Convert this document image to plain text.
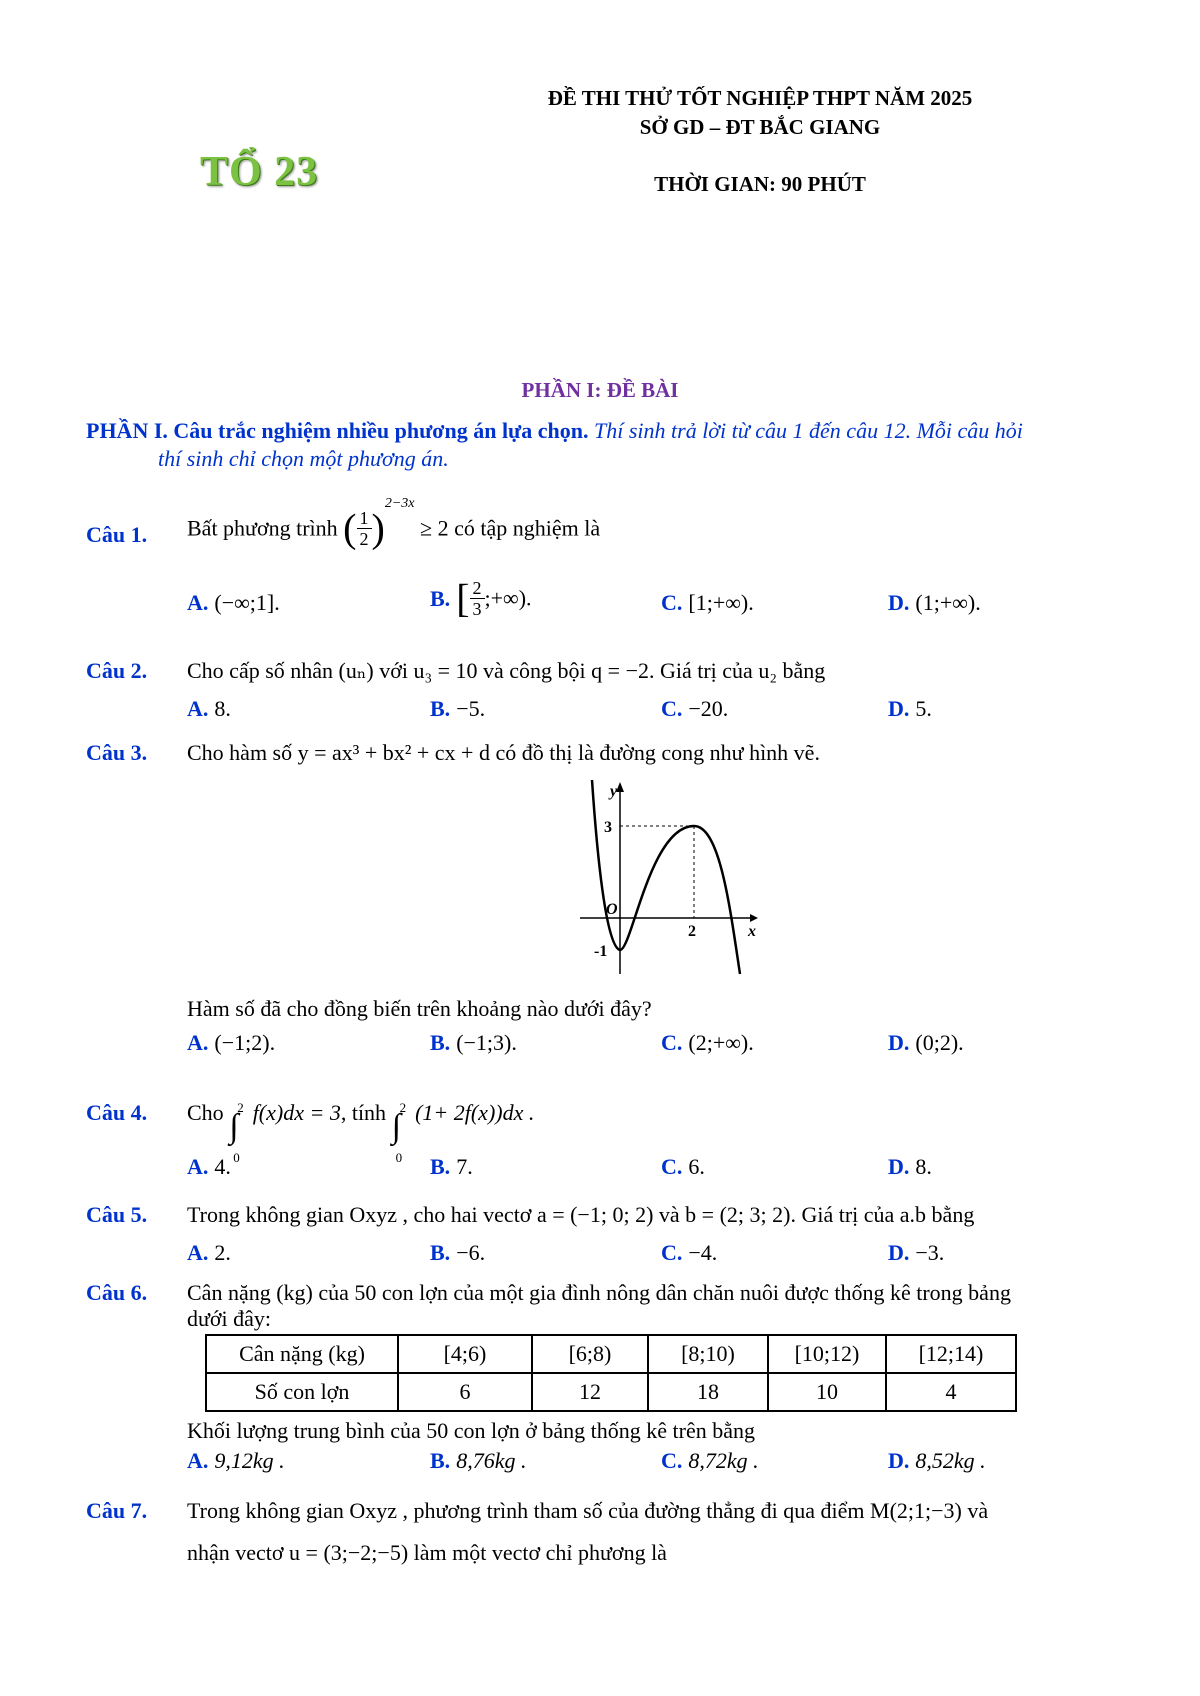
TỔ 23
ĐỀ THI THỬ TỐT NGHIỆP THPT NĂM 2025
SỞ GD – ĐT BẮC GIANG
THỜI GIAN: 90 PHÚT
PHẦN I: ĐỀ BÀI
PHẦN I. Câu trắc nghiệm nhiều phương án lựa chọn. Thí sinh trả lời từ câu 1 đến câu 12. Mỗi câu hỏi
thí sinh chỉ chọn một phương án.
Câu 1. Bất phương trình ( $\frac{1}{2} )^{2-3x} \ge 2$ có tập nghiệm là
A. (−∞;1].	B. [ $\frac{2}{3}$ ;+∞).	C. [1;+∞).	D. (1;+∞).
Câu 2. Cho cấp số nhân (uₙ) với u₃ = 10 và công bội q = −2. Giá trị của u₂ bằng
A. 8.	B. −5.	C. −20.	D. 5.
Câu 3. Cho hàm số y = ax³ + bx² + cx + d có đồ thị là đường cong như hình vẽ.
y
x
O
3
-1
2
Hàm số đã cho đồng biến trên khoảng nào dưới đây?
A. (−1;2).	B. (−1;3).	C. (2;+∞).	D. (0;2).
Câu 4. Cho 2
∫
0
f(x)dx = 3, tính 2
∫
0
(1+ 2f(x))dx .
A. 4.	B. 7.	C. 6.	D. 8.
Câu 5. Trong không gian Oxyz , cho hai vectơ a = (−1; 0; 2) và b = (2; 3; 2). Giá trị của a.b bằng
A. 2.	B. −6.	C. −4.	D. −3.
Câu 6. Cân nặng (kg) của 50 con lợn của một gia đình nông dân chăn nuôi được thống kê trong bảng
dưới đây:
Cân nặng (kg)	[4;6)	[6;8)	[8;10)	[10;12)	[12;14)
Số con lợn	6	12	18	10	4
Khối lượng trung bình của 50 con lợn ở bảng thống kê trên bằng
A. 9,12kg .	B. 8,76kg .	C. 8,72kg .	D. 8,52kg .
Câu 7. Trong không gian Oxyz , phương trình tham số của đường thẳng đi qua điểm M(2;1;−3) và
nhận vectơ u = (3;−2;−5) làm một vectơ chỉ phương là
